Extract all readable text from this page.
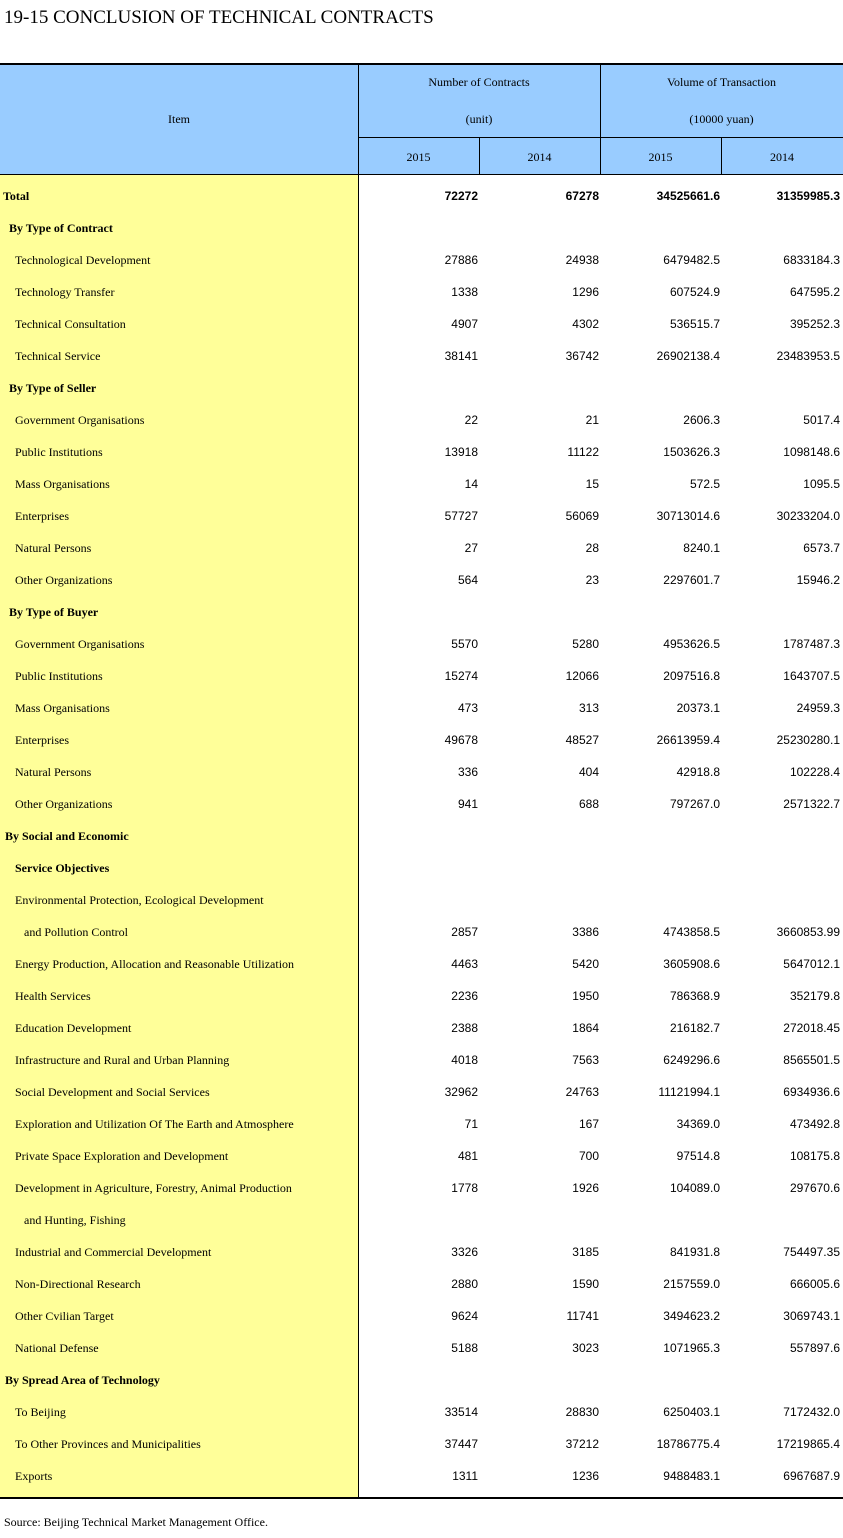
19-15 CONCLUSION OF TECHNICAL CONTRACTS
Item
Number of Contracts
(unit)
Volume of Transaction
(10000 yuan)
2015	2014	2015	2014
Total	72272	67278	34525661.6	31359985.3
By Type of Contract
Technological Development	27886	24938	6479482.5	6833184.3
Technology Transfer	1338	1296	607524.9	647595.2
Technical Consultation	4907	4302	536515.7	395252.3
Technical Service	38141	36742	26902138.4	23483953.5
By Type of Seller
Government Organisations	22	21	2606.3	5017.4
Public Institutions	13918	11122	1503626.3	1098148.6
Mass Organisations	14	15	572.5	1095.5
Enterprises	57727	56069	30713014.6	30233204.0
Natural Persons	27	28	8240.1	6573.7
Other Organizations	564	23	2297601.7	15946.2
By Type of Buyer
Government Organisations	5570	5280	4953626.5	1787487.3
Public Institutions	15274	12066	2097516.8	1643707.5
Mass Organisations	473	313	20373.1	24959.3
Enterprises	49678	48527	26613959.4	25230280.1
Natural Persons	336	404	42918.8	102228.4
Other Organizations	941	688	797267.0	2571322.7
By Social and Economic
Service Objectives
Environmental Protection, Ecological Development
and Pollution Control	2857	3386	4743858.5	3660853.99
Energy Production, Allocation and Reasonable Utilization	4463	5420	3605908.6	5647012.1
Health Services	2236	1950	786368.9	352179.8
Education Development	2388	1864	216182.7	272018.45
Infrastructure and Rural and Urban Planning	4018	7563	6249296.6	8565501.5
Social Development and Social Services	32962	24763	11121994.1	6934936.6
Exploration and Utilization Of The Earth and Atmosphere	71	167	34369.0	473492.8
Private Space Exploration and Development	481	700	97514.8	108175.8
Development in Agriculture, Forestry, Animal Production	1778	1926	104089.0	297670.6
and Hunting, Fishing
Industrial and Commercial Development	3326	3185	841931.8	754497.35
Non-Directional Research	2880	1590	2157559.0	666005.6
Other Cvilian Target	9624	11741	3494623.2	3069743.1
National Defense	5188	3023	1071965.3	557897.6
By Spread Area of Technology
To Beijing	33514	28830	6250403.1	7172432.0
To Other Provinces and Municipalities	37447	37212	18786775.4	17219865.4
Exports	1311	1236	9488483.1	6967687.9
Source: Beijing Technical Market Management Office.
